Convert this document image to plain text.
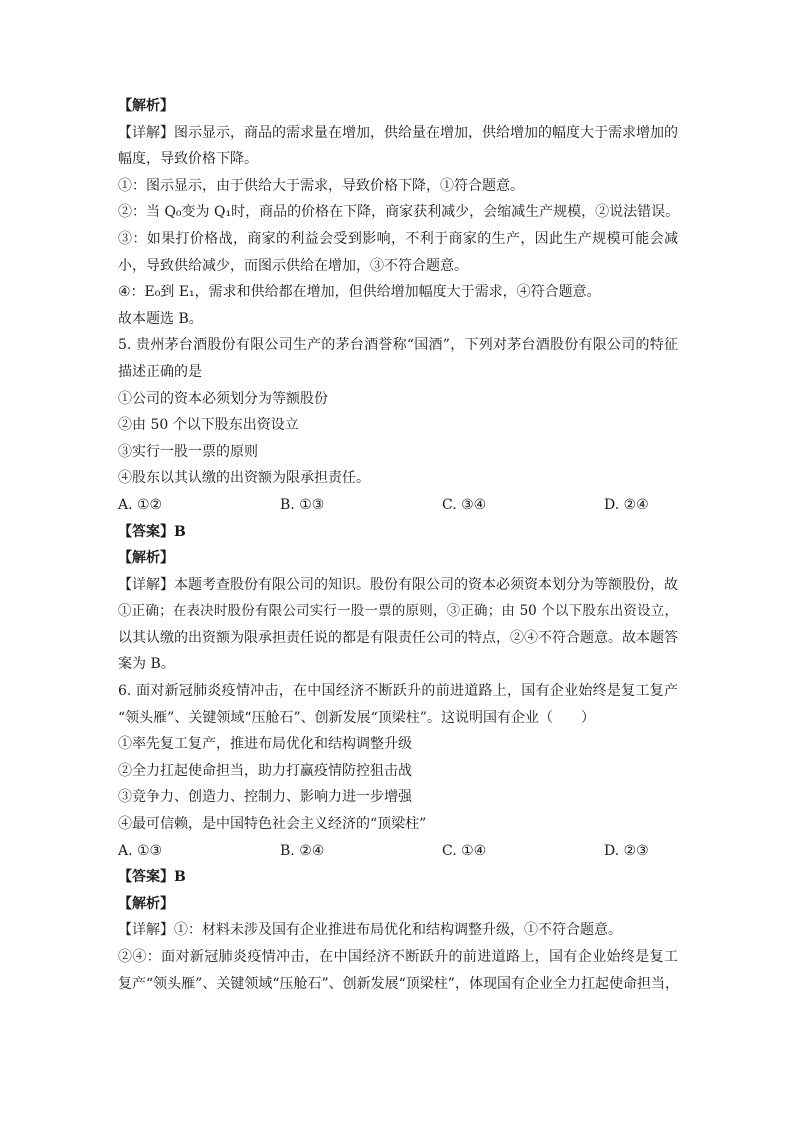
【解析】
【详解】图示显示，商品的需求量在增加，供给量在增加，供给增加的幅度大于需求增加的
幅度，导致价格下降。
①：图示显示，由于供给大于需求，导致价格下降，①符合题意。
②：当 Q₀变为 Q₁时，商品的价格在下降，商家获利减少，会缩减生产规模，②说法错误。
③：如果打价格战，商家的利益会受到影响，不利于商家的生产，因此生产规模可能会减
小，导致供给减少，而图示供给在增加，③不符合题意。
④：E₀到 E₁，需求和供给都在增加，但供给增加幅度大于需求，④符合题意。
故本题选 B。
5. 贵州茅台酒股份有限公司生产的茅台酒誉称“国酒”，下列对茅台酒股份有限公司的特征
描述正确的是
①公司的资本必须划分为等额股份
②由 50 个以下股东出资设立
③实行一股一票的原则
④股东以其认缴的出资额为限承担责任。
A. ①②	B. ①③	C. ③④	D. ②④
【答案】B
【解析】
【详解】本题考查股份有限公司的知识。股份有限公司的资本必须资本划分为等额股份，故
①正确；在表决时股份有限公司实行一股一票的原则，③正确；由 50 个以下股东出资设立，
以其认缴的出资额为限承担责任说的都是有限责任公司的特点，②④不符合题意。故本题答
案为 B。
6. 面对新冠肺炎疫情冲击，在中国经济不断跃升的前进道路上，国有企业始终是复工复产
“领头雁”、关键领域“压舱石”、创新发展“顶梁柱”。这说明国有企业（　　）
①率先复工复产，推进布局优化和结构调整升级
②全力扛起使命担当，助力打赢疫情防控狙击战
③竞争力、创造力、控制力、影响力进一步增强
④最可信赖，是中国特色社会主义经济的“顶梁柱”
A. ①③	B. ②④	C. ①④	D. ②③
【答案】B
【解析】
【详解】①：材料未涉及国有企业推进布局优化和结构调整升级，①不符合题意。
②④：面对新冠肺炎疫情冲击，在中国经济不断跃升的前进道路上，国有企业始终是复工
复产“领头雁”、关键领域“压舱石”、创新发展“顶梁柱”，体现国有企业全力扛起使命担当，
